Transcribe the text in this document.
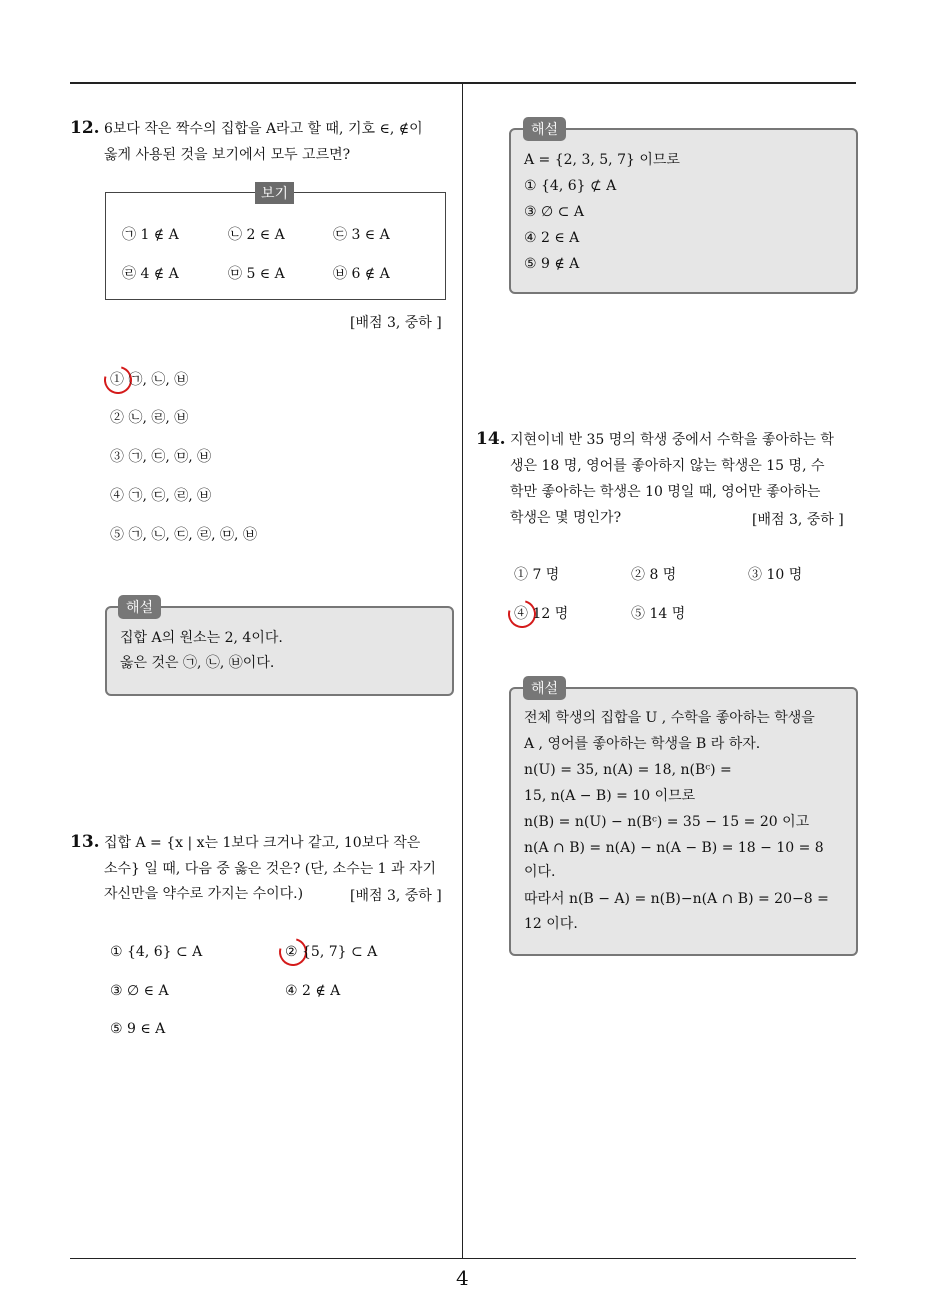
4
12. 6보다 작은 짝수의 집합을 A라고 할 때, 기호 ∈, ∉이
옳게 사용된 것을 보기에서 모두 고르면?
보기
㉠ 1 ∉ A	㉡ 2 ∈ A	㉢ 3 ∈ A
㉣ 4 ∉ A	㉤ 5 ∈ A	㉥ 6 ∉ A
[배점 3, 중하 ]
① ㉠, ㉡, ㉥
② ㉡, ㉣, ㉥
③ ㉠, ㉢, ㉤, ㉥
④ ㉠, ㉢, ㉣, ㉥
⑤ ㉠, ㉡, ㉢, ㉣, ㉤, ㉥
해설
집합 A의 원소는 2, 4이다.
옳은 것은 ㉠, ㉡, ㉥이다.
13. 집합 A = {x | x는 1보다 크거나 같고, 10보다 작은
소수} 일 때, 다음 중 옳은 것은? (단, 소수는 1 과 자기
자신만을 약수로 가지는 수이다.)	[배점 3, 중하 ]
① {4, 6} ⊂ A	② {5, 7} ⊂ A
③ ∅ ∈ A	④ 2 ∉ A
⑤ 9 ∈ A
해설
A = {2, 3, 5, 7} 이므로
① {4, 6} ⊄ A
③ ∅ ⊂ A
④ 2 ∈ A
⑤ 9 ∉ A
14. 지현이네 반 35 명의 학생 중에서 수학을 좋아하는 학
생은 18 명, 영어를 좋아하지 않는 학생은 15 명, 수
학만 좋아하는 학생은 10 명일 때, 영어만 좋아하는
학생은 몇 명인가?	[배점 3, 중하 ]
① 7 명	② 8 명	③ 10 명
④ 12 명	⑤ 14 명
해설
전체 학생의 집합을 U , 수학을 좋아하는 학생을
A , 영어를 좋아하는 학생을 B 라 하자.
n(U) = 35, n(A) = 18, n(Bᶜ) =
15, n(A − B) = 10 이므로
n(B) = n(U) − n(Bᶜ) = 35 − 15 = 20 이고
n(A ∩ B) = n(A) − n(A − B) = 18 − 10 = 8
이다.
따라서 n(B − A) = n(B)−n(A ∩ B) = 20−8 =
12 이다.
